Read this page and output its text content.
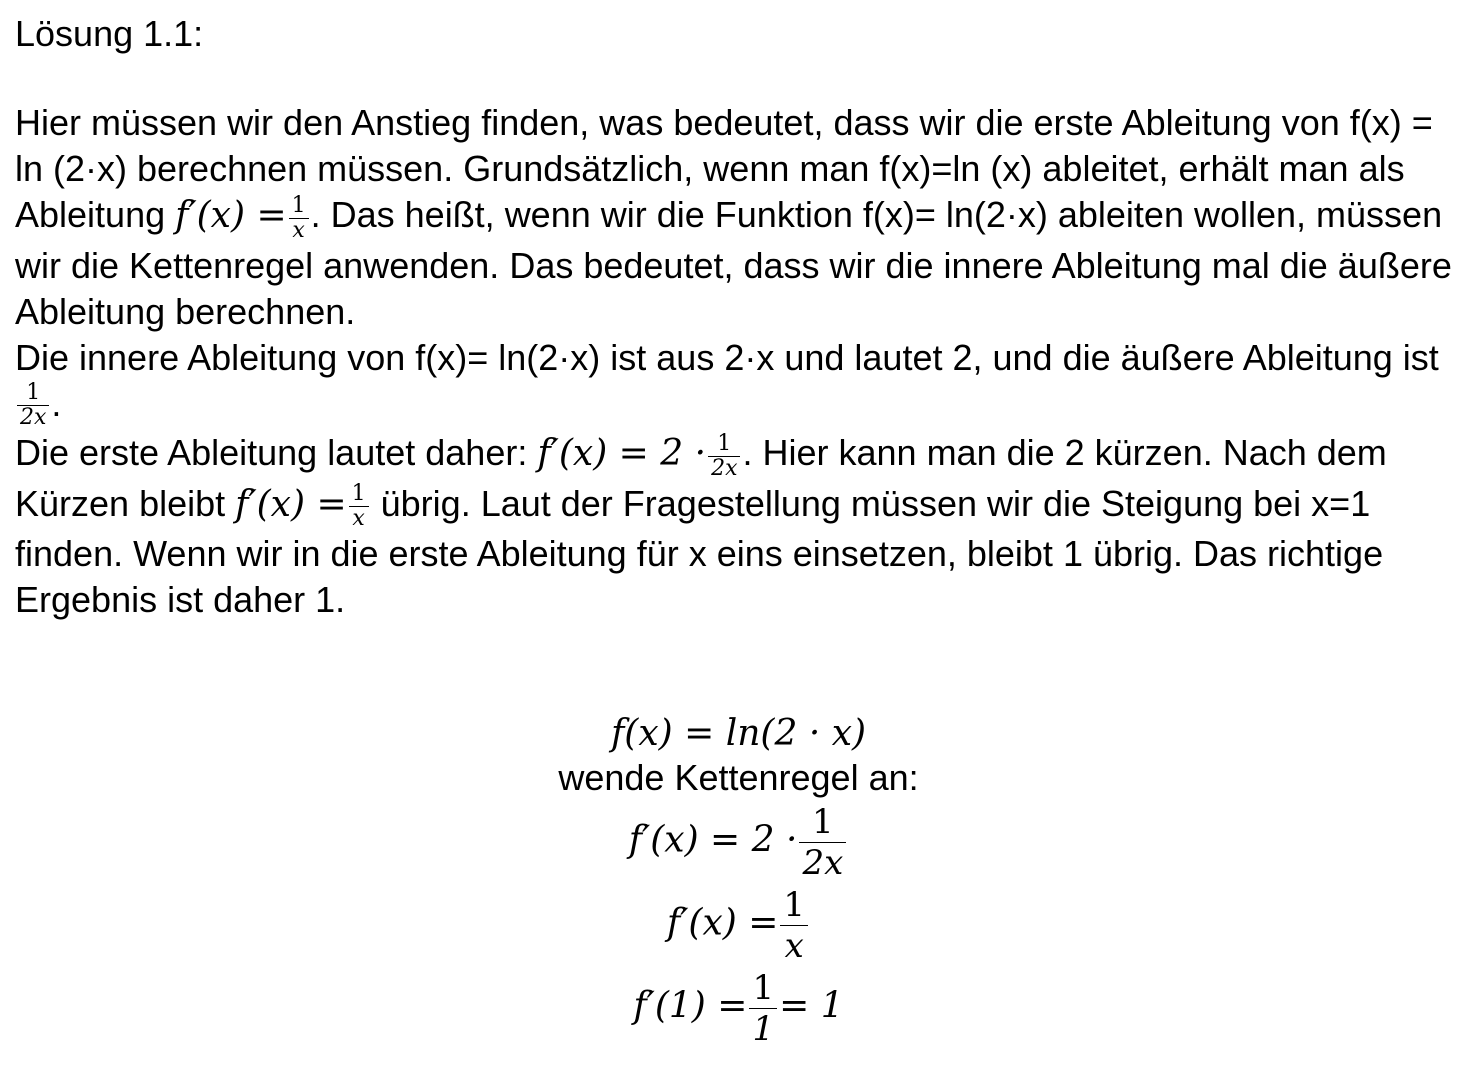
Lösung 1.1:
Hier müssen wir den Anstieg finden, was bedeutet, dass wir die erste Ableitung von f(x) = ln (2·x) berechnen müssen. Grundsätzlich, wenn man f(x)=ln (x) ableitet, erhält man als Ableitung $f'(x) = \frac{1}{x}$ . Das heißt, wenn wir die Funktion f(x)= ln(2·x) ableiten wollen, müssen wir die Kettenregel anwenden. Das bedeutet, dass wir die innere Ableitung mal die äußere Ableitung berechnen.
Die innere Ableitung von f(x)= ln(2·x) ist aus 2·x und lautet 2, und die äußere Ableitung ist
$\frac{1}{2x}$ .
Die erste Ableitung lautet daher: $f'(x) = 2 \cdot \frac{1}{2x}$ . Hier kann man die 2 kürzen. Nach dem Kürzen bleibt $f'(x) = \frac{1}{x}$ übrig. Laut der Fragestellung müssen wir die Steigung bei x=1 finden. Wenn wir in die erste Ableitung für x eins einsetzen, bleibt 1 übrig. Das richtige Ergebnis ist daher 1.
f(x) = ln(2 · x)
wende Kettenregel an:
$f'(x) = 2 \cdot \frac{1}{2x}$
$f'(x) = \frac{1}{x}$
$f'(1) = \frac{1}{1} = 1$
